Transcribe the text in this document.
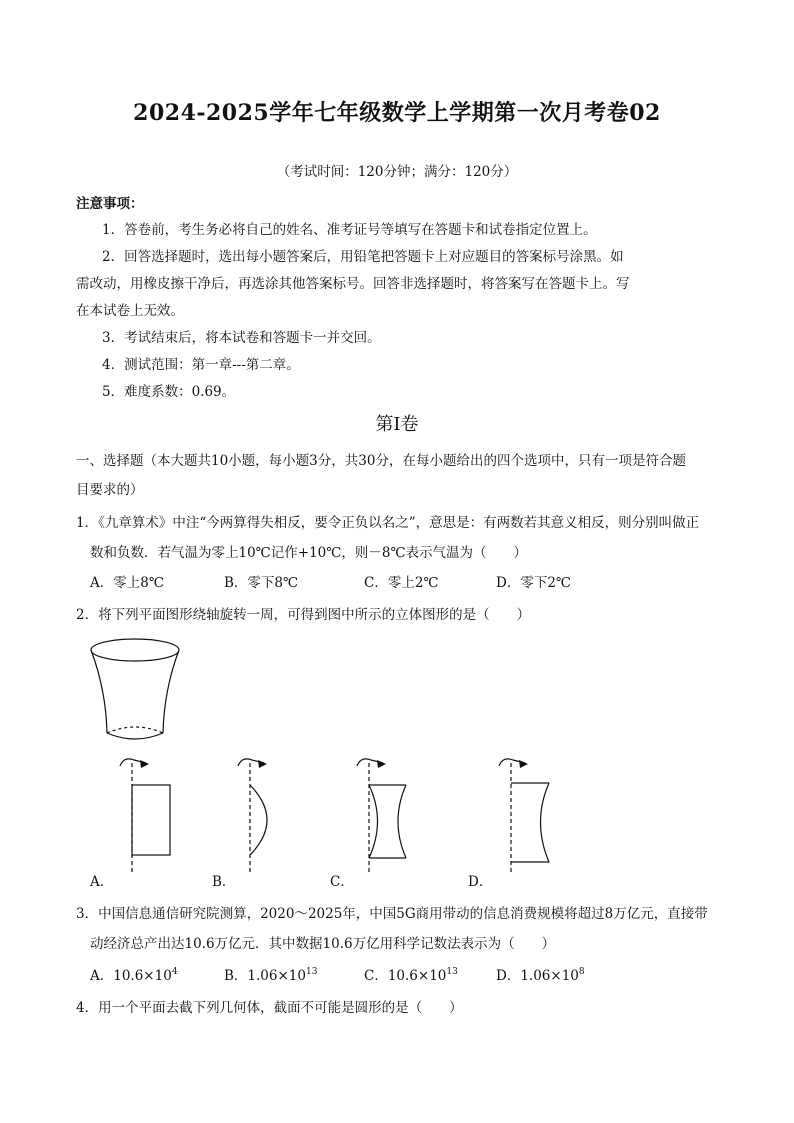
2024-2025学年七年级数学上学期第一次月考卷02
（考试时间：120分钟；满分：120分）
注意事项：
1．答卷前，考生务必将自己的姓名、准考证号等填写在答题卡和试卷指定位置上。
2．回答选择题时，选出每小题答案后，用铅笔把答题卡上对应题目的答案标号涂黑。如
需改动，用橡皮擦干净后，再选涂其他答案标号。回答非选择题时，将答案写在答题卡上。写
在本试卷上无效。
3．考试结束后，将本试卷和答题卡一并交回。
4．测试范围：第一章---第二章。
5．难度系数：0.69。
第Ⅰ卷
一、选择题（本大题共10小题，每小题3分，共30分，在每小题给出的四个选项中，只有一项是符合题
目要求的）
1．《九章算术》中注“今两算得失相反，要令正负以名之”，意思是：有两数若其意义相反，则分别叫做正
数和负数．若气温为零上10℃记作+10℃，则－8℃表示气温为（　　）
A．零上8℃	B．零下8℃	C．零上2℃	D．零下2℃
2．将下列平面图形绕轴旋转一周，可得到图中所示的立体图形的是（　　）
A．	B．	C．	D．
3．中国信息通信研究院测算，2020～2025年，中国5G商用带动的信息消费规模将超过8万亿元，直接带
动经济总产出达10.6万亿元．其中数据10.6万亿用科学记数法表示为（　　）
A．$10.6\times 10^4$	B．$1.06\times 10^{13}$	C．$10.6\times 10^{13}$	D．$1.06\times 10^8$
4．用一个平面去截下列几何体，截面不可能是圆形的是（　　）
